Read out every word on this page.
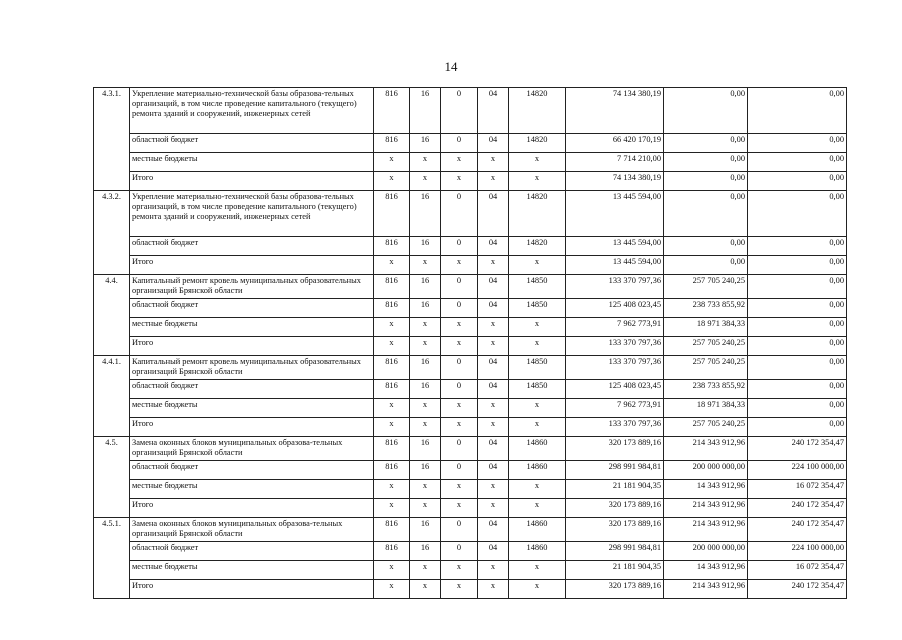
14
4.3.1.	Укрепление материально-технической базы образова-тельных организаций, в том числе проведение капитального (текущего) ремонта зданий и сооружений, инженерных сетей	816	16	0	04	14820	74 134 380,19	0,00	0,00
	областной бюджет	816	16	0	04	14820	66 420 170,19	0,00	0,00
	местные бюджеты	х	х	х	х	х	7 714 210,00	0,00	0,00
	Итого	х	х	х	х	х	74 134 380,19	0,00	0,00
4.3.2.	Укрепление материально-технической базы образова-тельных организаций, в том числе проведение капитального (текущего) ремонта зданий и сооружений, инженерных сетей	816	16	0	04	14820	13 445 594,00	0,00	0,00
	областной бюджет	816	16	0	04	14820	13 445 594,00	0,00	0,00
	Итого	х	х	х	х	х	13 445 594,00	0,00	0,00
4.4.	Капитальный ремонт кровель муниципальных образовательных организаций Брянской области	816	16	0	04	14850	133 370 797,36	257 705 240,25	0,00
	областной бюджет	816	16	0	04	14850	125 408 023,45	238 733 855,92	0,00
	местные бюджеты	х	х	х	х	х	7 962 773,91	18 971 384,33	0,00
	Итого	х	х	х	х	х	133 370 797,36	257 705 240,25	0,00
4.4.1.	Капитальный ремонт кровель муниципальных образовательных организаций Брянской области	816	16	0	04	14850	133 370 797,36	257 705 240,25	0,00
	областной бюджет	816	16	0	04	14850	125 408 023,45	238 733 855,92	0,00
	местные бюджеты	х	х	х	х	х	7 962 773,91	18 971 384,33	0,00
	Итого	х	х	х	х	х	133 370 797,36	257 705 240,25	0,00
4.5.	Замена оконных блоков муниципальных образова-тельных организаций Брянской области	816	16	0	04	14860	320 173 889,16	214 343 912,96	240 172 354,47
	областной бюджет	816	16	0	04	14860	298 991 984,81	200 000 000,00	224 100 000,00
	местные бюджеты	х	х	х	х	х	21 181 904,35	14 343 912,96	16 072 354,47
	Итого	х	х	х	х	х	320 173 889,16	214 343 912,96	240 172 354,47
4.5.1.	Замена оконных блоков муниципальных образова-тельных организаций Брянской области	816	16	0	04	14860	320 173 889,16	214 343 912,96	240 172 354,47
	областной бюджет	816	16	0	04	14860	298 991 984,81	200 000 000,00	224 100 000,00
	местные бюджеты	х	х	х	х	х	21 181 904,35	14 343 912,96	16 072 354,47
	Итого	х	х	х	х	х	320 173 889,16	214 343 912,96	240 172 354,47
